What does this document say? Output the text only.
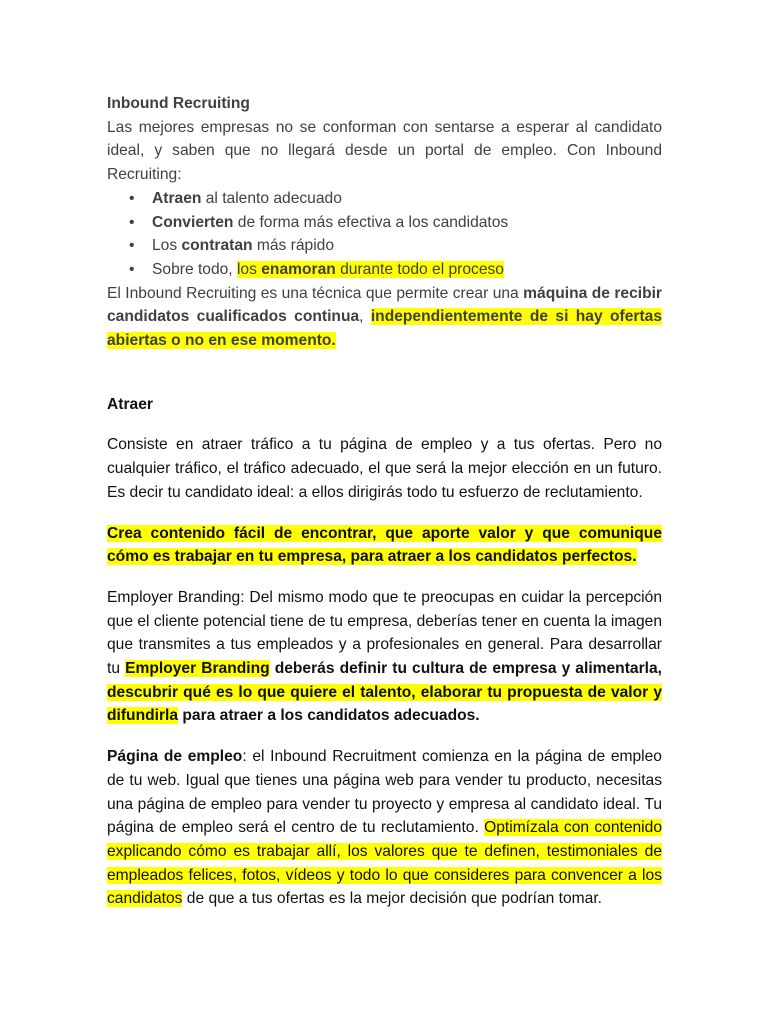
Inbound Recruiting

Las mejores empresas no se conforman con sentarse a esperar al candidato ideal, y saben que no llegará desde un portal de empleo. Con Inbound Recruiting:

• Atraen al talento adecuado
• Convierten de forma más efectiva a los candidatos
• Los contratan más rápido
• Sobre todo, los enamoran durante todo el proceso

El Inbound Recruiting es una técnica que permite crear una máquina de recibir candidatos cualificados continua, independientemente de si hay ofertas abiertas o no en ese momento.

Atraer

Consiste en atraer tráfico a tu página de empleo y a tus ofertas. Pero no cualquier tráfico, el tráfico adecuado, el que será la mejor elección en un futuro. Es decir tu candidato ideal: a ellos dirigirás todo tu esfuerzo de reclutamiento.

Crea contenido fácil de encontrar, que aporte valor y que comunique cómo es trabajar en tu empresa, para atraer a los candidatos perfectos.

Employer Branding: Del mismo modo que te preocupas en cuidar la percepción que el cliente potencial tiene de tu empresa, deberías tener en cuenta la imagen que transmites a tus empleados y a profesionales en general. Para desarrollar tu Employer Branding deberás definir tu cultura de empresa y alimentarla, descubrir qué es lo que quiere el talento, elaborar tu propuesta de valor y difundirla para atraer a los candidatos adecuados.

Página de empleo: el Inbound Recruitment comienza en la página de empleo de tu web. Igual que tienes una página web para vender tu producto, necesitas una página de empleo para vender tu proyecto y empresa al candidato ideal. Tu página de empleo será el centro de tu reclutamiento. Optimízala con contenido explicando cómo es trabajar allí, los valores que te definen, testimoniales de empleados felices, fotos, vídeos y todo lo que consideres para convencer a los candidatos de que a tus ofertas es la mejor decisión que podrían tomar.
